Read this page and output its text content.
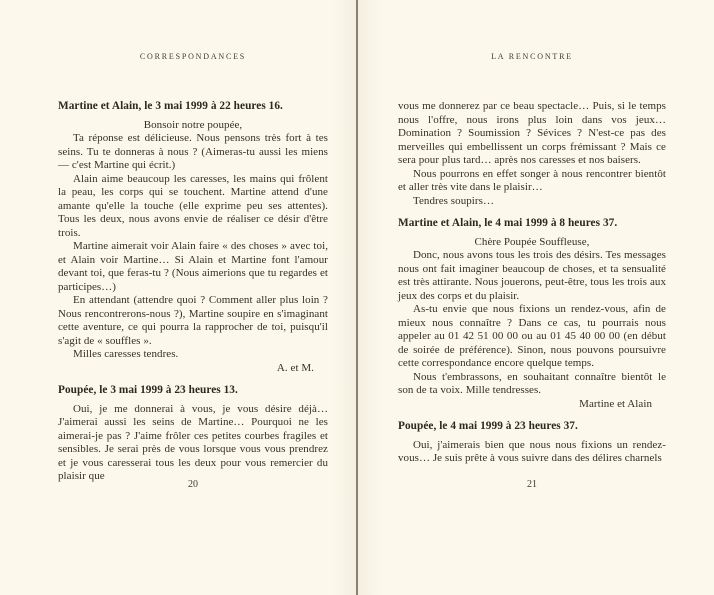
CORRESPONDANCES

Martine et Alain, le 3 mai 1999 à 22 heures 16.

Bonsoir notre poupée,

Ta réponse est délicieuse. Nous pensons très fort à tes seins. Tu te donneras à nous ? (Aimeras-tu aussi les miens — c'est Martine qui écrit.)

Alain aime beaucoup les caresses, les mains qui frôlent la peau, les corps qui se touchent. Martine attend d'une amante qu'elle la touche (elle exprime peu ses attentes). Tous les deux, nous avons envie de réaliser ce désir d'être trois.

Martine aimerait voir Alain faire « des choses » avec toi, et Alain voir Martine… Si Alain et Martine font l'amour devant toi, que feras-tu ? (Nous aimerions que tu regardes et participes…)

En attendant (attendre quoi ? Comment aller plus loin ? Nous rencontrerons-nous ?), Martine soupire en s'imaginant cette aventure, ce qui pourra la rapprocher de toi, puisqu'il s'agit de « souffles ».

Milles caresses tendres.

A. et M.

Poupée, le 3 mai 1999 à 23 heures 13.

Oui, je me donnerai à vous, je vous désire déjà… J'aimerai aussi les seins de Martine… Pourquoi ne les aimerai-je pas ? J'aime frôler ces petites courbes fragiles et sensibles. Je serai près de vous lorsque vous vous prendrez et je vous caresserai tous les deux pour vous remercier du plaisir que

20
LA RENCONTRE

vous me donnerez par ce beau spectacle… Puis, si le temps nous l'offre, nous irons plus loin dans vos jeux… Domination ? Soumission ? Sévices ? N'est-ce pas des merveilles qui embellissent un corps frémissant ? Mais ce sera pour plus tard… après nos caresses et nos baisers.

Nous pourrons en effet songer à nous rencontrer bientôt et aller très vite dans le plaisir…

Tendres soupirs…

Martine et Alain, le 4 mai 1999 à 8 heures 37.

Chère Poupée Souffleuse,

Donc, nous avons tous les trois des désirs. Tes messages nous ont fait imaginer beaucoup de choses, et ta sensualité est très attirante. Nous jouerons, peut-être, tous les trois aux jeux des corps et du plaisir.

As-tu envie que nous fixions un rendez-vous, afin de mieux nous connaître ? Dans ce cas, tu pourrais nous appeler au 01 42 51 00 00 ou au 01 45 40 00 00 (en début de soirée de préférence). Sinon, nous pouvons poursuivre cette correspondance encore quelque temps.

Nous t'embrassons, en souhaitant connaître bientôt le son de ta voix. Mille tendresses.

Martine et Alain

Poupée, le 4 mai 1999 à 23 heures 37.

Oui, j'aimerais bien que nous nous fixions un rendez-vous… Je suis prête à vous suivre dans des délires charnels

21
